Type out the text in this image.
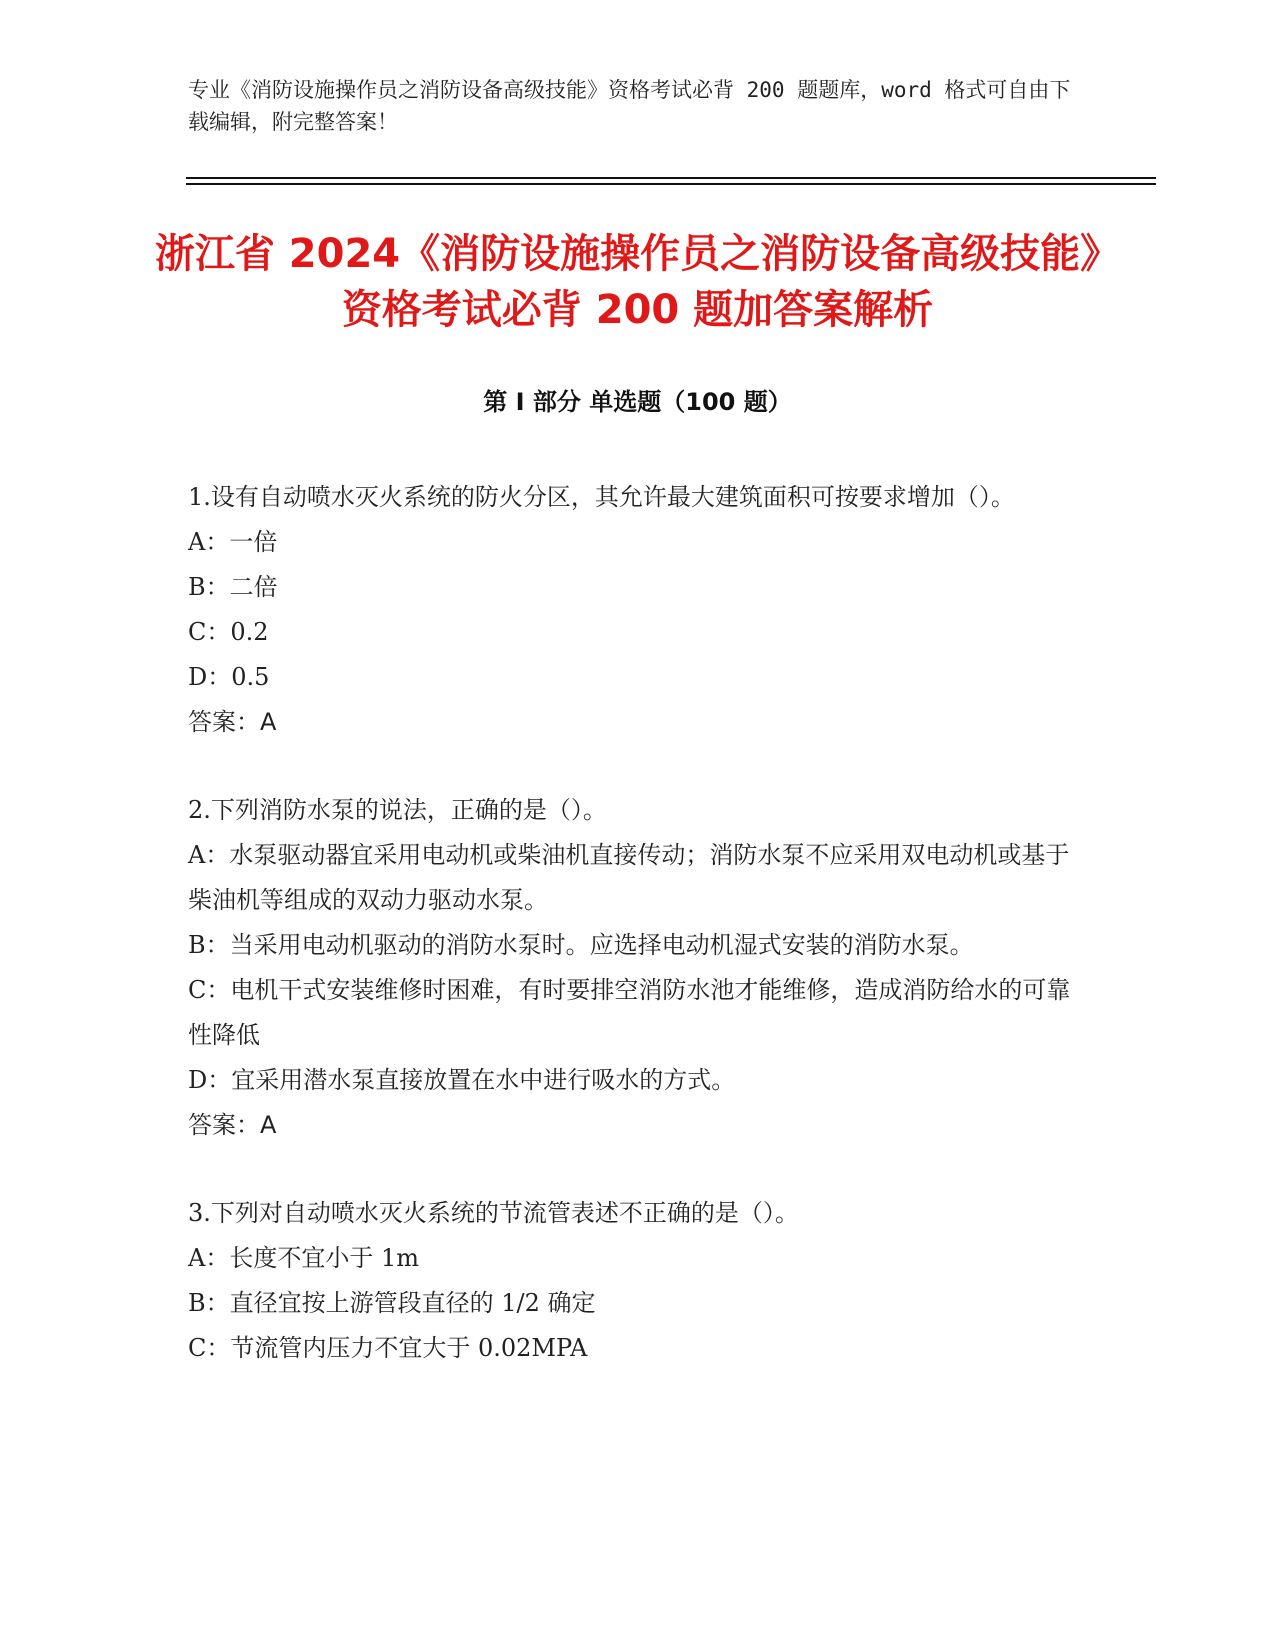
专业《消防设施操作员之消防设备高级技能》资格考试必背 200 题题库，word 格式可自由下载编辑，附完整答案！
浙江省 2024《消防设施操作员之消防设备高级技能》资格考试必背 200 题加答案解析
第 I 部分 单选题（100 题）

1.设有自动喷水灭火系统的防火分区，其允许最大建筑面积可按要求增加（）。

A：一倍

B：二倍

C：0.2

D：0.5

答案：A

2.下列消防水泵的说法，正确的是（）。

A：水泵驱动器宜采用电动机或柴油机直接传动；消防水泵不应采用双电动机或基于柴油机等组成的双动力驱动水泵。

B：当采用电动机驱动的消防水泵时。应选择电动机湿式安装的消防水泵。

C：电机干式安装维修时困难，有时要排空消防水池才能维修，造成消防给水的可靠性降低

D：宜采用潜水泵直接放置在水中进行吸水的方式。

答案：A

3.下列对自动喷水灭火系统的节流管表述不正确的是（）。

A：长度不宜小于 1m

B：直径宜按上游管段直径的 1/2 确定

C：节流管内压力不宜大于 0.02MPA
